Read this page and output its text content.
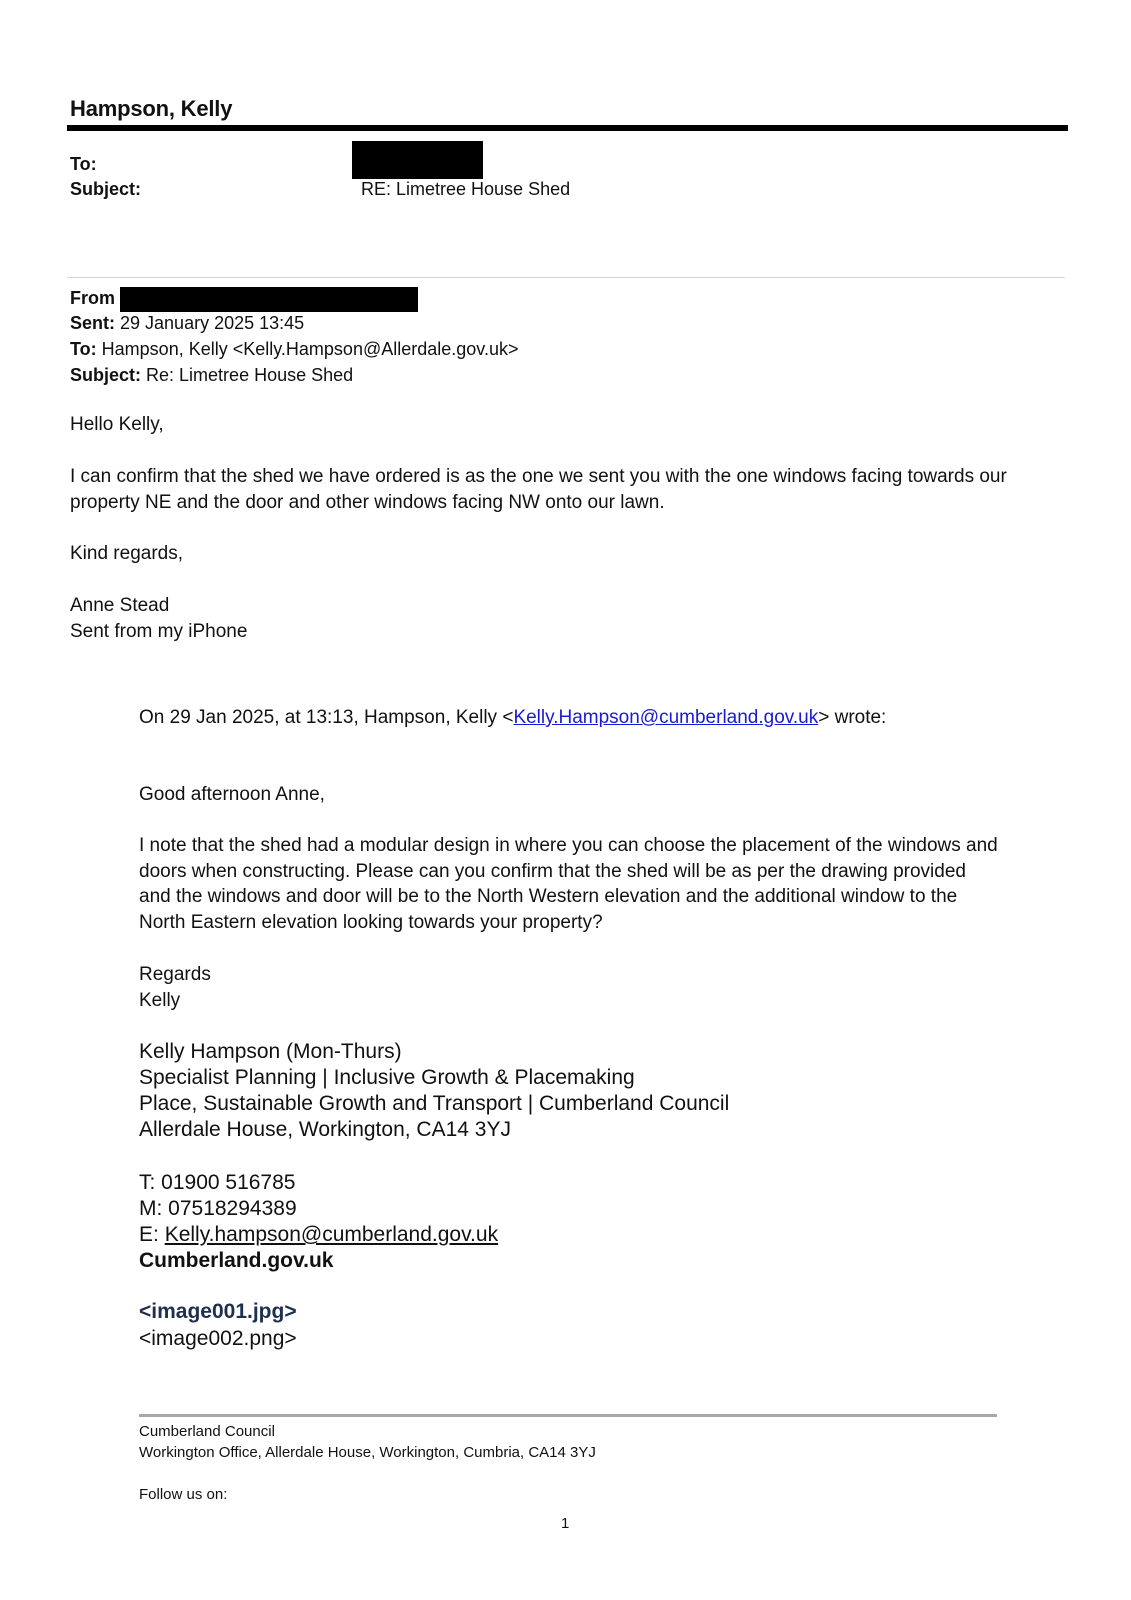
Hampson, Kelly
To:
Subject:	RE: Limetree House Shed
From
Sent: 29 January 2025 13:45
To: Hampson, Kelly <Kelly.Hampson@Allerdale.gov.uk>
Subject: Re: Limetree House Shed
Hello Kelly,
I can confirm that the shed we have ordered is as the one we sent you with the one windows facing towards our property NE and the door and other windows facing NW onto our lawn.
Kind regards,
Anne Stead
Sent from my iPhone
On 29 Jan 2025, at 13:13, Hampson, Kelly <Kelly.Hampson@cumberland.gov.uk> wrote:
Good afternoon Anne,
I note that the shed had a modular design in where you can choose the placement of the windows and doors when constructing. Please can you confirm that the shed will be as per the drawing provided and the windows and door will be to the North Western elevation and the additional window to the North Eastern elevation looking towards your property?
Regards
Kelly
Kelly Hampson (Mon-Thurs)
Specialist Planning | Inclusive Growth & Placemaking
Place, Sustainable Growth and Transport | Cumberland Council
Allerdale House, Workington, CA14 3YJ
T: 01900 516785
M: 07518294389
E: Kelly.hampson@cumberland.gov.uk
Cumberland.gov.uk
<image001.jpg>
<image002.png>
Cumberland Council
Workington Office, Allerdale House, Workington, Cumbria, CA14 3YJ
Follow us on:
1
